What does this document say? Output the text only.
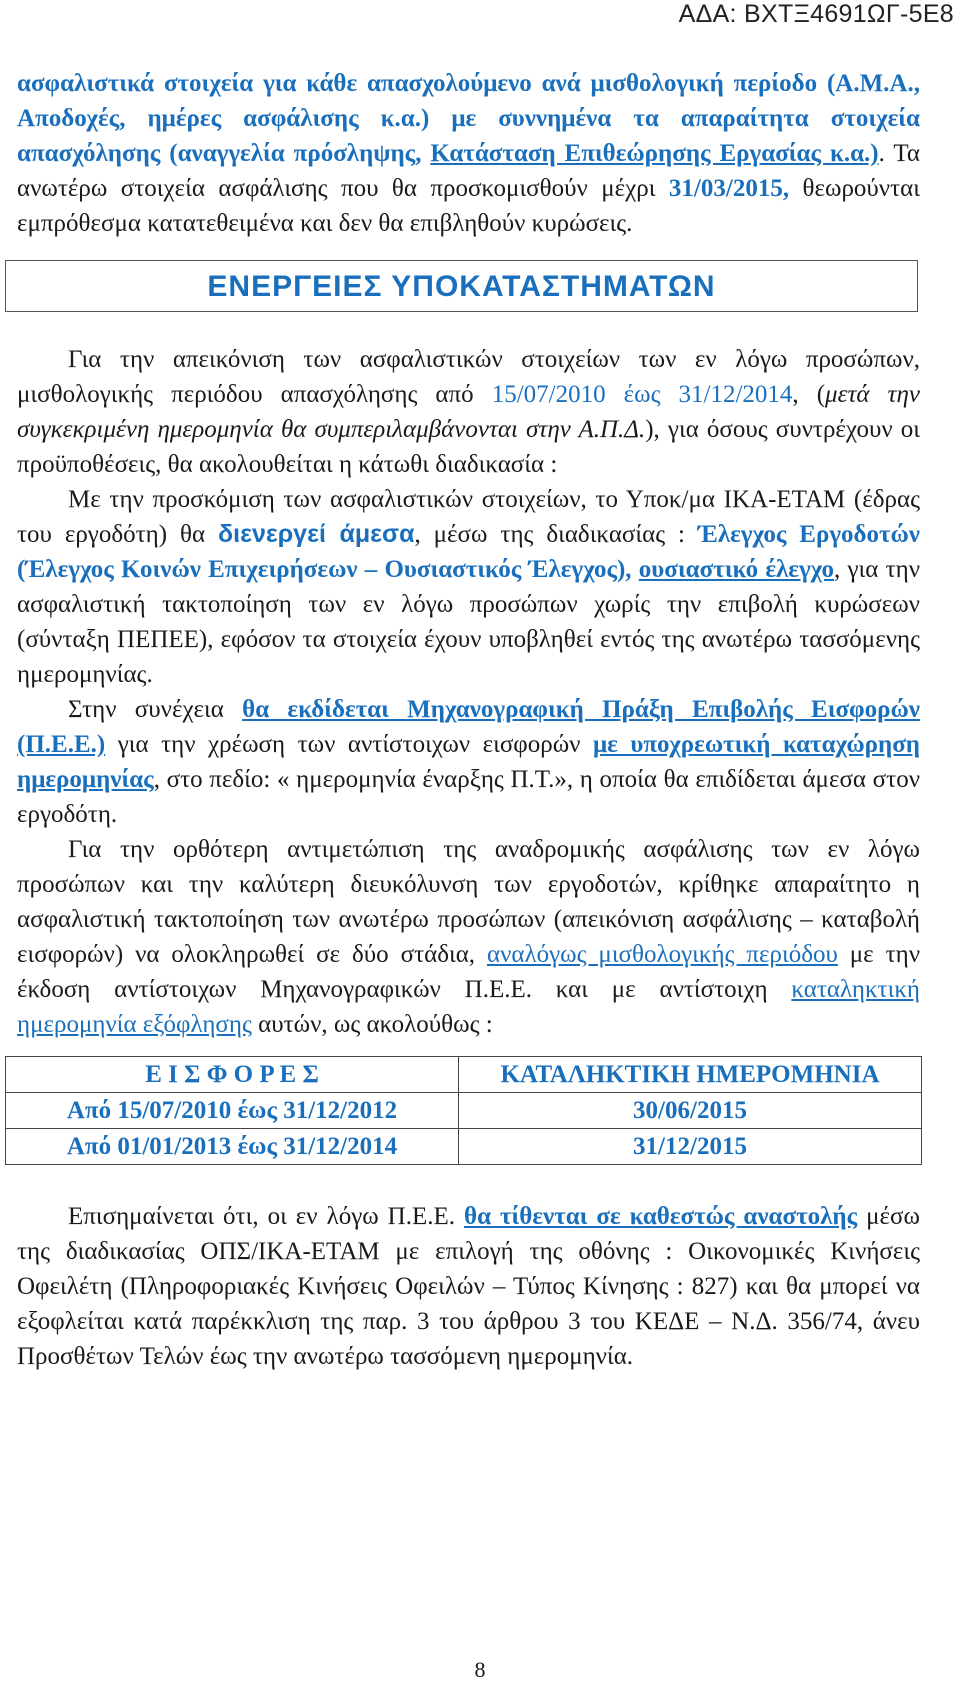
ΑΔΑ: ΒΧΤΞ4691ΩΓ-5Ε8

ασφαλιστικά στοιχεία για κάθε απασχολούμενο ανά μισθολογική περίοδο (Α.Μ.Α., Αποδοχές, ημέρες ασφάλισης κ.α.) με συννημένα τα απαραίτητα στοιχεία απασχόλησης (αναγγελία πρόσληψης, Κατάσταση Επιθεώρησης Εργασίας κ.α.). Τα ανωτέρω στοιχεία ασφάλισης που θα προσκομισθούν μέχρι 31/03/2015, θεωρούνται εμπρόθεσμα κατατεθειμένα και δεν θα επιβληθούν κυρώσεις.

ΕΝΕΡΓΕΙΕΣ ΥΠΟΚΑΤΑΣΤΗΜΑΤΩΝ

Για την απεικόνιση των ασφαλιστικών στοιχείων των εν λόγω προσώπων, μισθολογικής περιόδου απασχόλησης από 15/07/2010 έως 31/12/2014, (μετά την συγκεκριμένη ημερομηνία θα συμπεριλαμβάνονται στην Α.Π.Δ.), για όσους συντρέχουν οι προϋποθέσεις, θα ακολουθείται η κάτωθι διαδικασία :

Με την προσκόμιση των ασφαλιστικών στοιχείων, το Υποκ/μα ΙΚΑ-ΕΤΑΜ (έδρας του εργοδότη) θα διενεργεί άμεσα, μέσω της διαδικασίας : Έλεγχος Εργοδοτών (Έλεγχος Κοινών Επιχειρήσεων – Ουσιαστικός Έλεγχος), ουσιαστικό έλεγχο, για την ασφαλιστική τακτοποίηση των εν λόγω προσώπων χωρίς την επιβολή κυρώσεων (σύνταξη ΠΕΠΕΕ), εφόσον τα στοιχεία έχουν υποβληθεί εντός της ανωτέρω τασσόμενης ημερομηνίας.

Στην συνέχεια θα εκδίδεται Μηχανογραφική Πράξη Επιβολής Εισφορών (Π.Ε.Ε.) για την χρέωση των αντίστοιχων εισφορών με υποχρεωτική καταχώρηση ημερομηνίας, στο πεδίο: « ημερομηνία έναρξης Π.Τ.», η οποία θα επιδίδεται άμεσα στον εργοδότη.

Για την ορθότερη αντιμετώπιση της αναδρομικής ασφάλισης των εν λόγω προσώπων και την καλύτερη διευκόλυνση των εργοδοτών, κρίθηκε απαραίτητο η ασφαλιστική τακτοποίηση των ανωτέρω προσώπων (απεικόνιση ασφάλισης – καταβολή εισφορών) να ολοκληρωθεί σε δύο στάδια, αναλόγως μισθολογικής περιόδου με την έκδοση αντίστοιχων Μηχανογραφικών Π.Ε.Ε. και με αντίστοιχη καταληκτική ημερομηνία εξόφλησης αυτών, ως ακολούθως :

Ε Ι Σ Φ Ο Ρ Ε Σ	ΚΑΤΑΛΗΚΤΙΚΗ ΗΜΕΡΟΜΗΝΙΑ
Από 15/07/2010 έως 31/12/2012	30/06/2015
Από 01/01/2013 έως 31/12/2014	31/12/2015

Επισημαίνεται ότι, οι εν λόγω Π.Ε.Ε. θα τίθενται σε καθεστώς αναστολής μέσω της διαδικασίας ΟΠΣ/ΙΚΑ-ΕΤΑΜ με επιλογή της οθόνης : Οικονομικές Κινήσεις Οφειλέτη (Πληροφοριακές Κινήσεις Οφειλών – Τύπος Κίνησης : 827) και θα μπορεί να εξοφλείται κατά παρέκκλιση της παρ. 3 του άρθρου 3 του ΚΕΔΕ – Ν.Δ. 356/74, άνευ Προσθέτων Τελών έως την ανωτέρω τασσόμενη ημερομηνία.

8
